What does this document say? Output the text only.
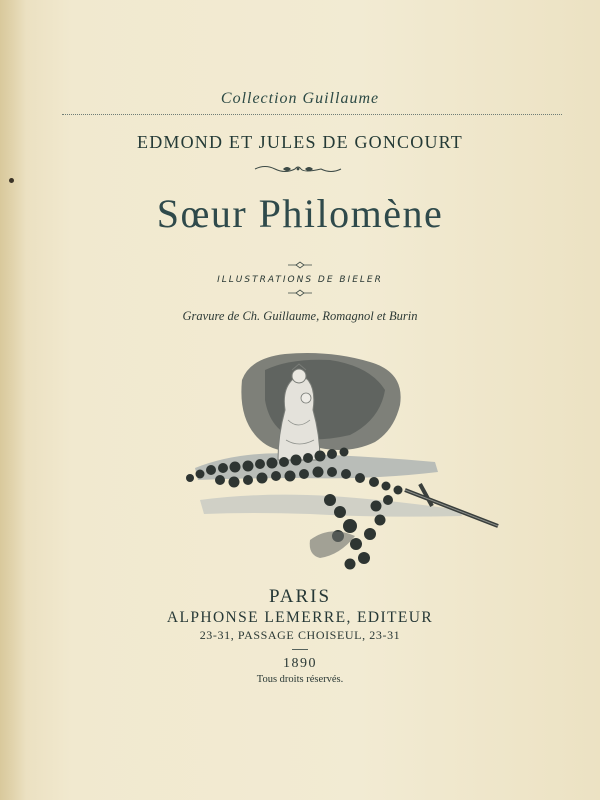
Collection Guillaume
EDMOND ET JULES DE GONCOURT
Sœur Philomène
ILLUSTRATIONS DE BIELER
Gravure de Ch. Guillaume, Romagnol et Burin
PARIS
ALPHONSE LEMERRE, EDITEUR
23-31, PASSAGE CHOISEUL, 23-31
1890
Tous droits réservés.
